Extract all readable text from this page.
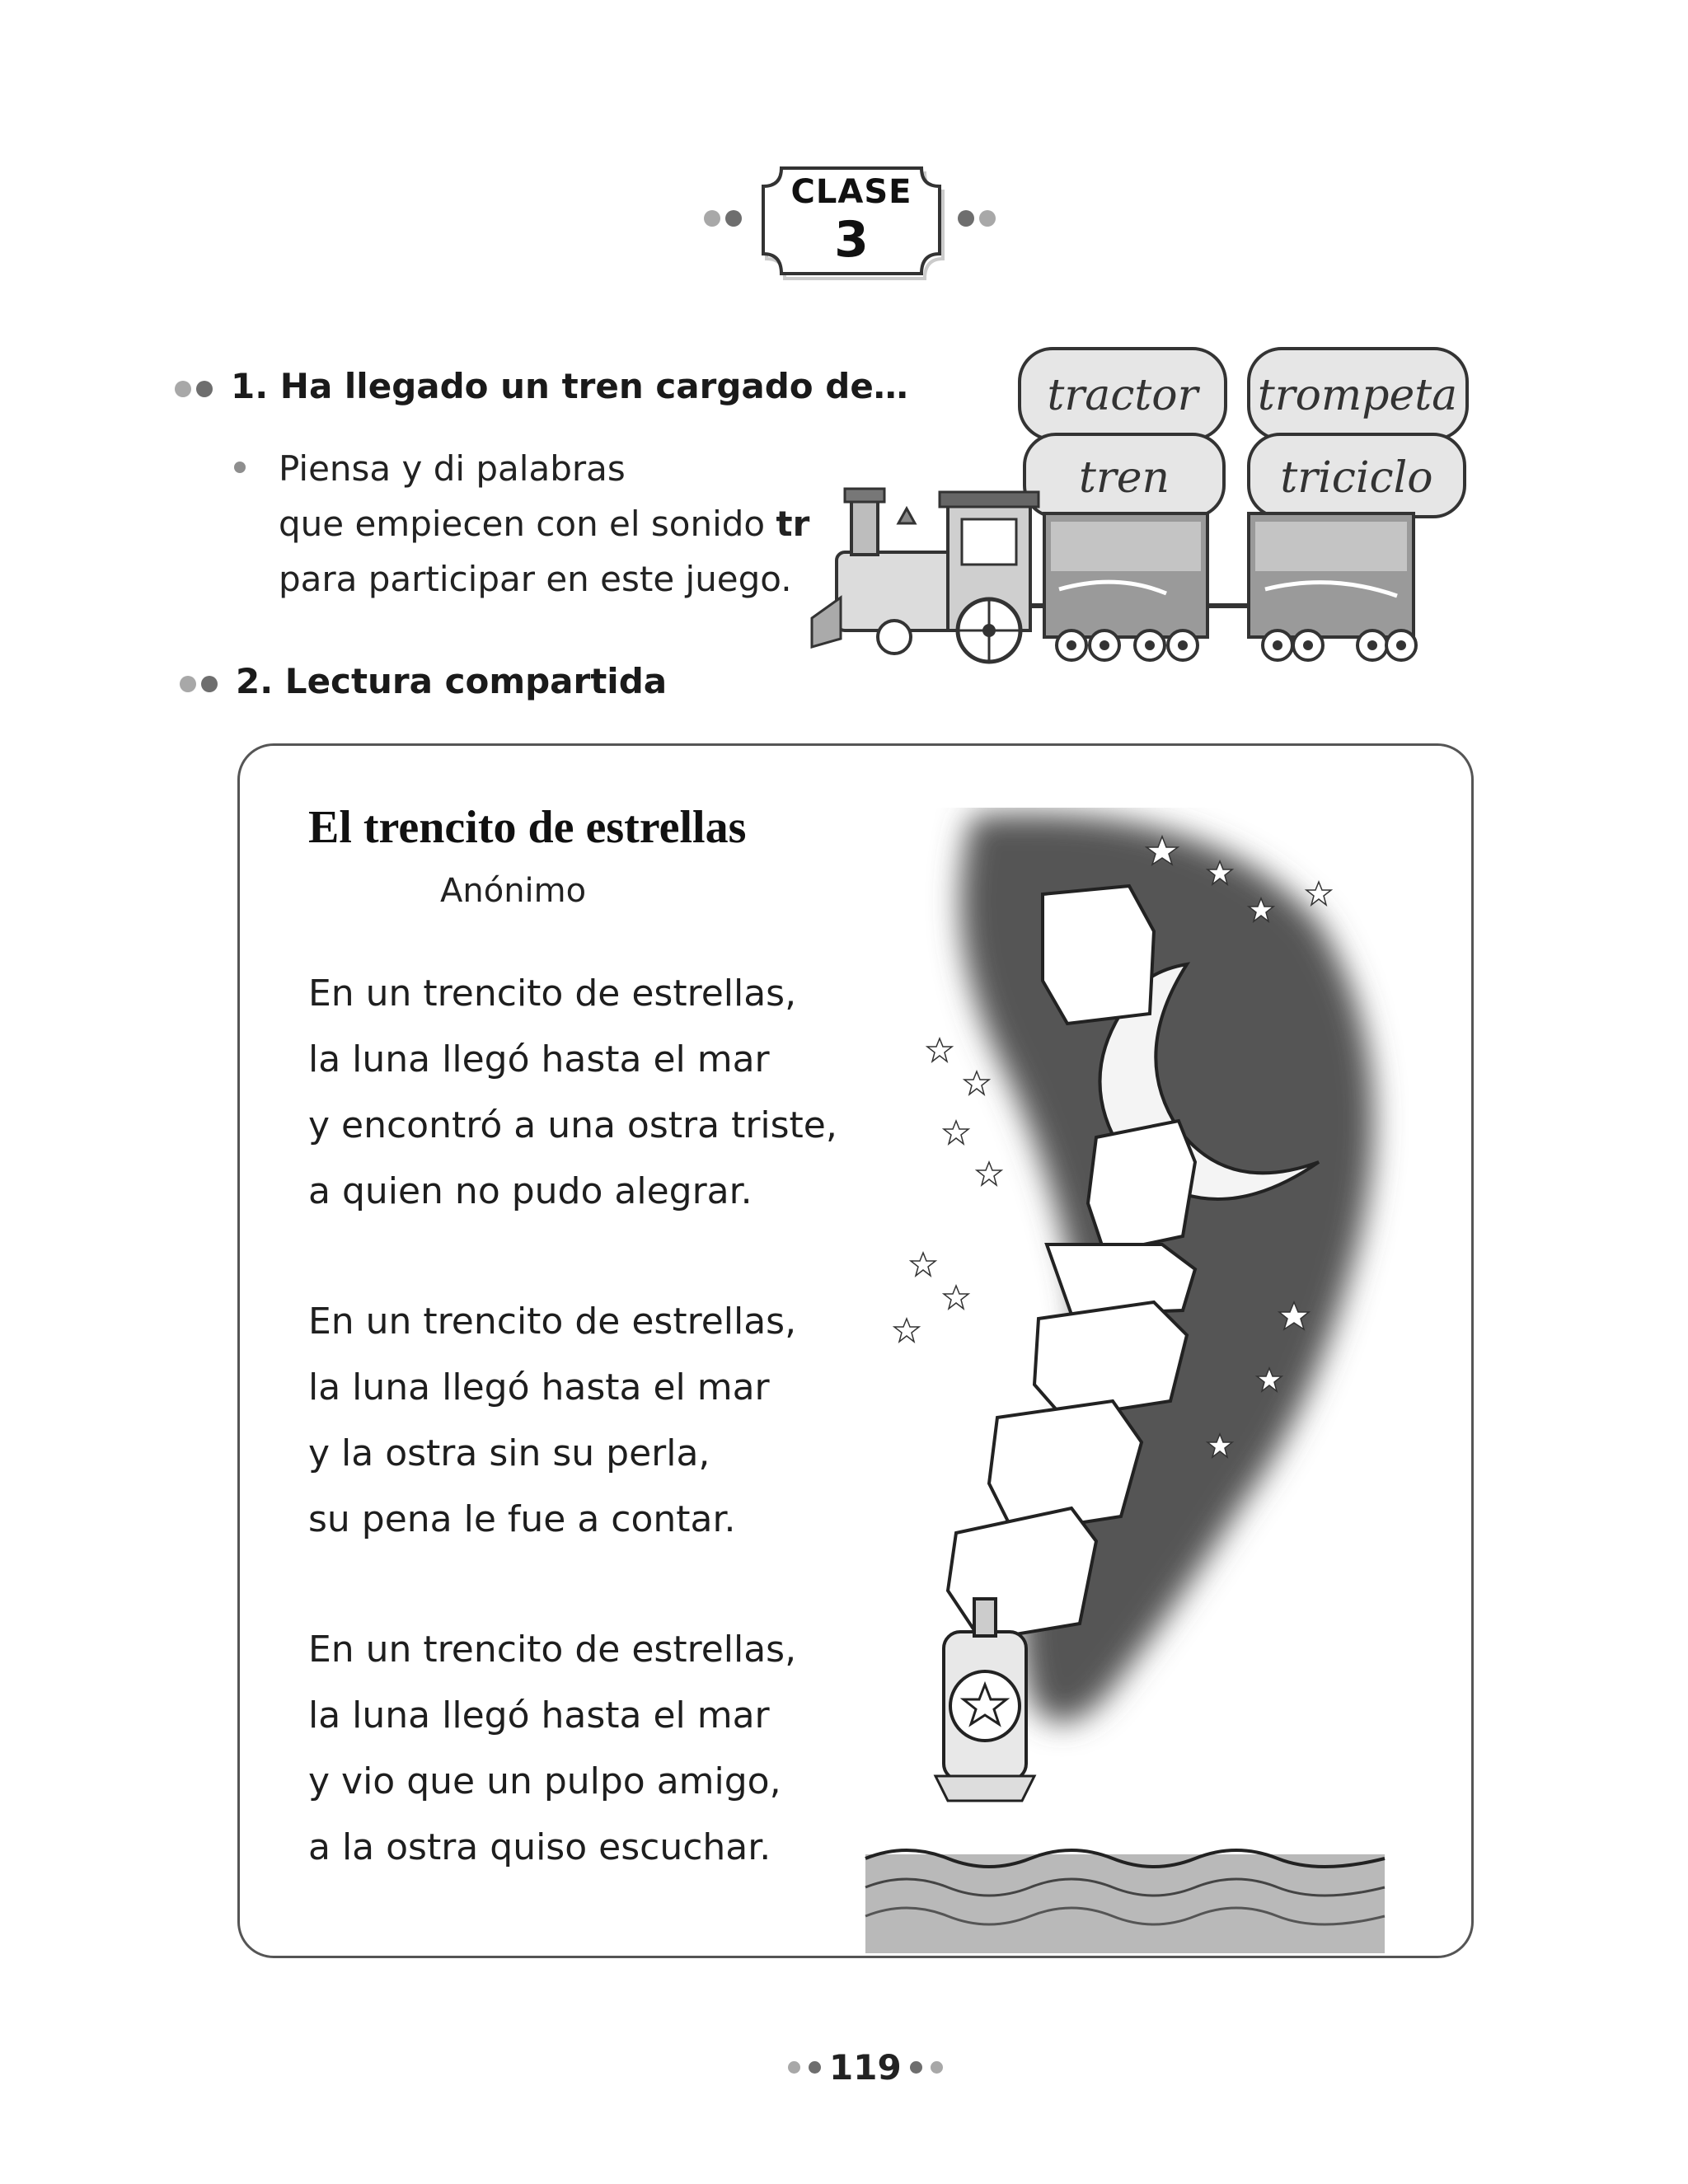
CLASE
3
1. Ha llegado un tren cargado de…
Piensa y di palabras
que empiecen con el sonido tr
para participar en este juego.
tractor trompeta
tren	triciclo
2. Lectura compartida
El trencito de estrellas
Anónimo
En un trencito de estrellas,
la luna llegó hasta el mar
y encontró a una ostra triste,
a quien no pudo alegrar.
En un trencito de estrellas,
la luna llegó hasta el mar
y la ostra sin su perla,
su pena le fue a contar.
En un trencito de estrellas,
la luna llegó hasta el mar
y vio que un pulpo amigo,
a la ostra quiso escuchar.
119
